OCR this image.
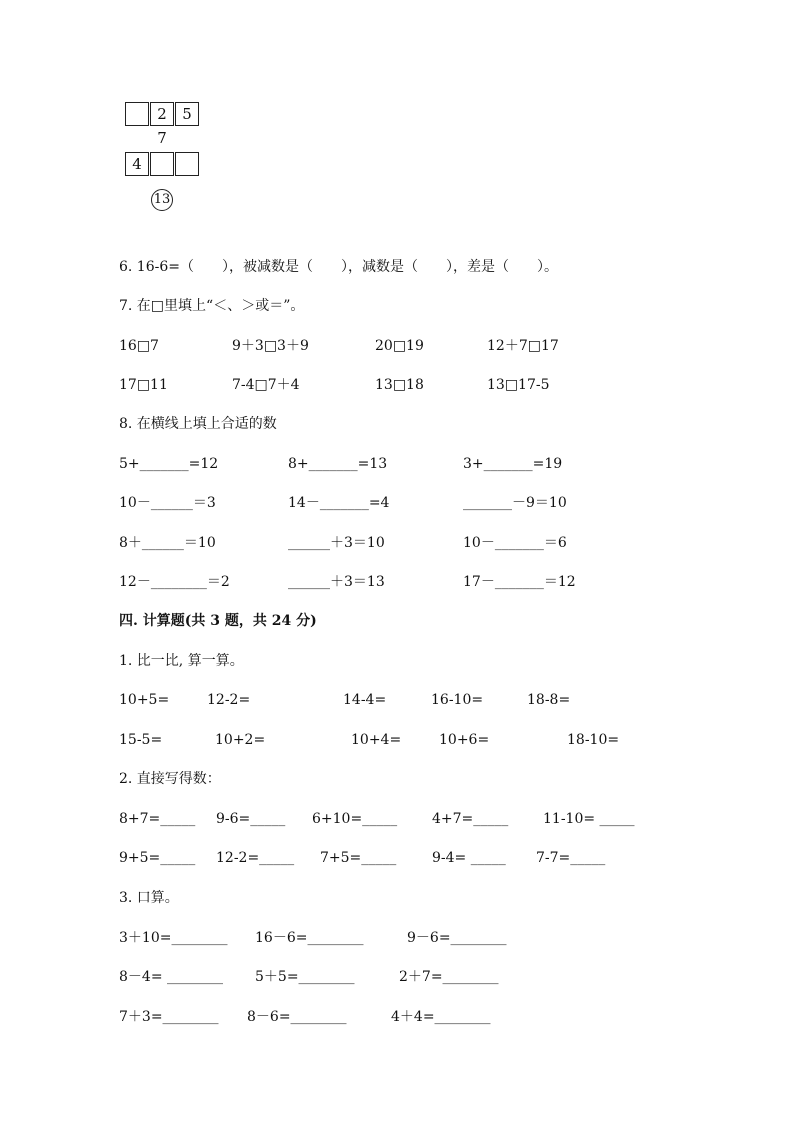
2	5
7
4
13
6. 16-6=（　　），被减数是（　　），减数是（　　），差是（　　）。
7. 在□里填上“＜、＞或＝”。
16□7	9＋3□3＋9	20□19	12＋7□17
17□11	7-4□7＋4	13□18	13□17-5
8. 在横线上填上合适的数
5+_______=12	8+_______=13	3+_______=19
10－______＝3	14－_______=4	_______－9＝10
8＋______＝10	______＋3＝10	10－_______＝6
12－________＝2	______＋3＝13	17－_______＝12
四. 计算题(共 3 题，共 24 分)
1. 比一比, 算一算。
10+5=	12-2=	14-4=	16-10=	18-8=
15-5=	10+2=	10+4=	10+6=	18-10=
2. 直接写得数：
8+7=_____ 9-6=_____ 6+10=_____ 4+7=_____ 11-10= _____
9+5=_____ 12-2=_____ 7+5=_____	9-4= _____ 7-7=_____
3. 口算。
3＋10=________ 16－6=________	9－6=________
8－4= ________ 5＋5=________	2＋7=________
7＋3=________ 8－6=________	4＋4=________
